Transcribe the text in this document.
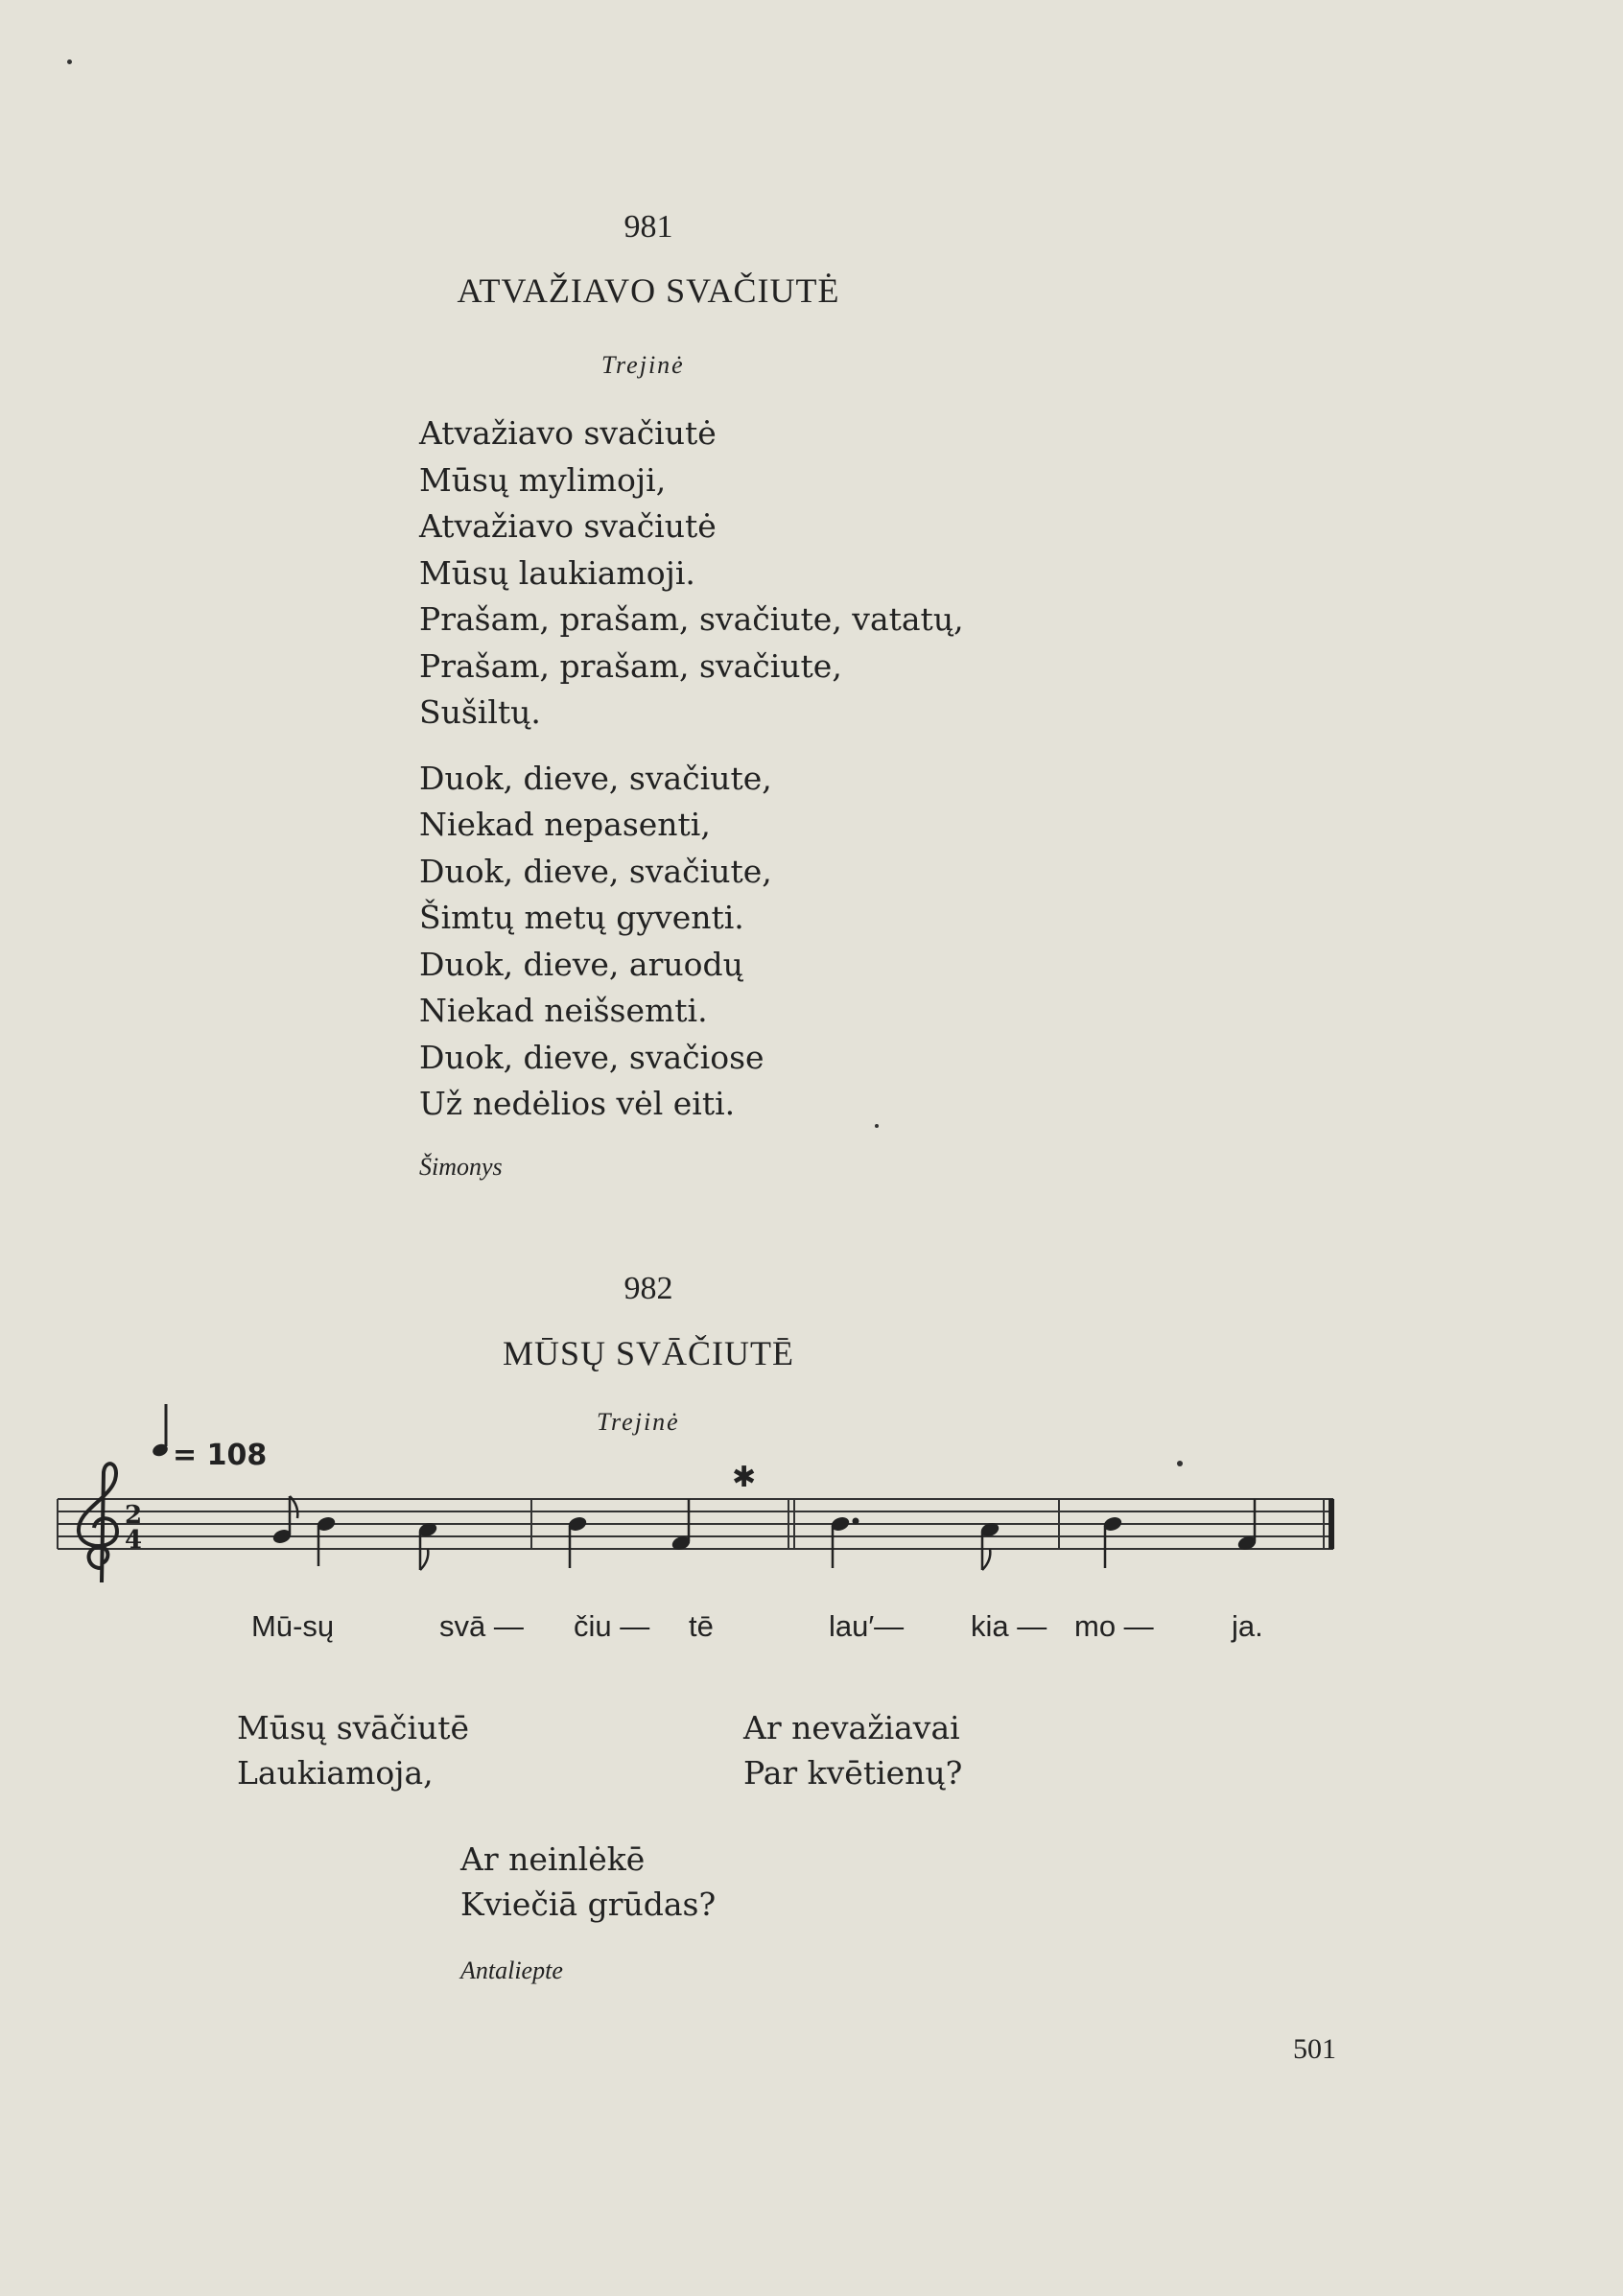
981
ATVAŽIAVO SVAČIUTĖ
Trejinė
Atvažiavo svačiutė
Mūsų mylimoji,
Atvažiavo svačiutė
Mūsų laukiamoji.
Prašam, prašam, svačiute, vatatų,
Prašam, prašam, svačiute,
Sušiltų.
Duok, dieve, svačiute,
Niekad nepasenti,
Duok, dieve, svačiute,
Šimtų metų gyventi.
Duok, dieve, aruodų
Niekad neišsemti.
Duok, dieve, svačiose
Už nedėlios vėl eiti.
Šimonys
982
MŪSŲ SVĀČIUTĒ
Trejinė
= 108
2
4
✱
Mū-sų	svā — čiu — tē	lau′— kia — mo —	ja.
Mūsų svāčiutē
Laukiamoja,
Ar nevažiavai
Par kvētienų?
Ar neinlėkē
Kviečiā grūdas?
Antaliepte
501
